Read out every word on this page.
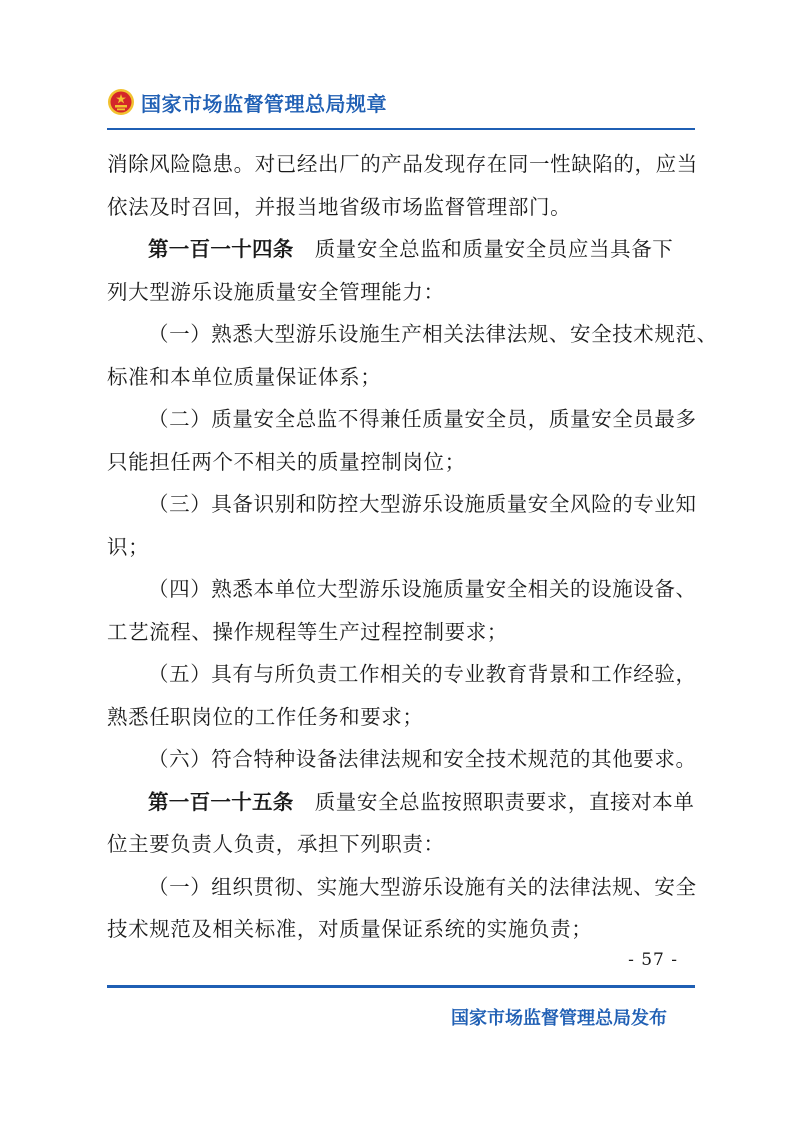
国家市场监督管理总局规章
消除风险隐患。对已经出厂的产品发现存在同一性缺陷的，应当
依法及时召回，并报当地省级市场监督管理部门。
第一百一十四条　质量安全总监和质量安全员应当具备下
列大型游乐设施质量安全管理能力：
（一）熟悉大型游乐设施生产相关法律法规、安全技术规范、
标准和本单位质量保证体系；
（二）质量安全总监不得兼任质量安全员，质量安全员最多
只能担任两个不相关的质量控制岗位；
（三）具备识别和防控大型游乐设施质量安全风险的专业知
识；
（四）熟悉本单位大型游乐设施质量安全相关的设施设备、
工艺流程、操作规程等生产过程控制要求；
（五）具有与所负责工作相关的专业教育背景和工作经验，
熟悉任职岗位的工作任务和要求；
（六）符合特种设备法律法规和安全技术规范的其他要求。
第一百一十五条　质量安全总监按照职责要求，直接对本单
位主要负责人负责，承担下列职责：
（一）组织贯彻、实施大型游乐设施有关的法律法规、安全
技术规范及相关标准，对质量保证系统的实施负责；
- 57 -
国家市场监督管理总局发布
